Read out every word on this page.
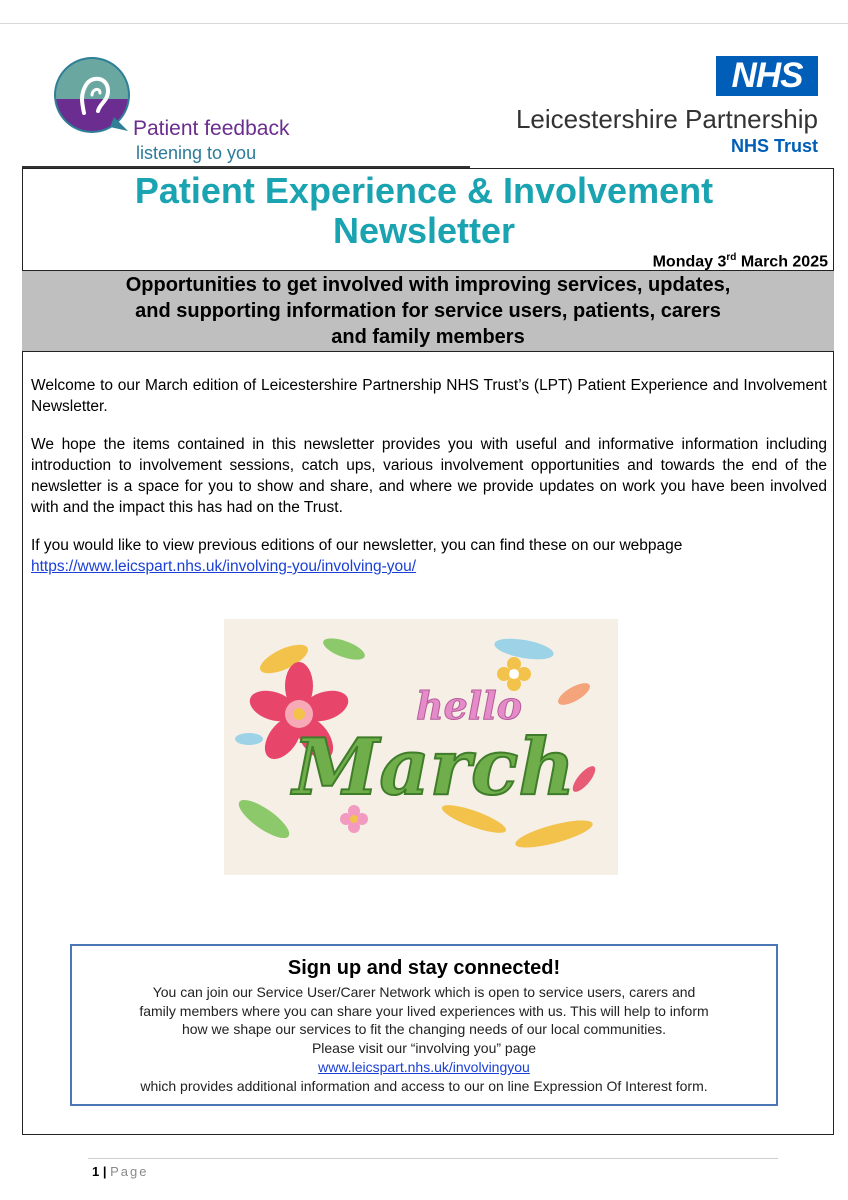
Patient feedback
listening to you
NHS
Leicestershire Partnership
NHS Trust
Patient Experience & Involvement
Newsletter
Monday 3rd March 2025
Opportunities to get involved with improving services, updates,
and supporting information for service users, patients, carers
and family members
Welcome to our March edition of Leicestershire Partnership NHS Trust’s (LPT) Patient Experience and Involvement Newsletter.
We hope the items contained in this newsletter provides you with useful and informative information including introduction to involvement sessions, catch ups, various involvement opportunities and towards the end of the newsletter is a space for you to show and share, and where we provide updates on work you have been involved with and the impact this has had on the Trust.
If you would like to view previous editions of our newsletter, you can find these on our webpage
https://www.leicspart.nhs.uk/involving-you/involving-you/
hello
March
Sign up and stay connected!
You can join our Service User/Carer Network which is open to service users, carers and
family members where you can share your lived experiences with us. This will help to inform
how we shape our services to fit the changing needs of our local communities.
Please visit our “involving you” page
www.leicspart.nhs.uk/involvingyou
which provides additional information and access to our on line Expression Of Interest form.
1 | Page
